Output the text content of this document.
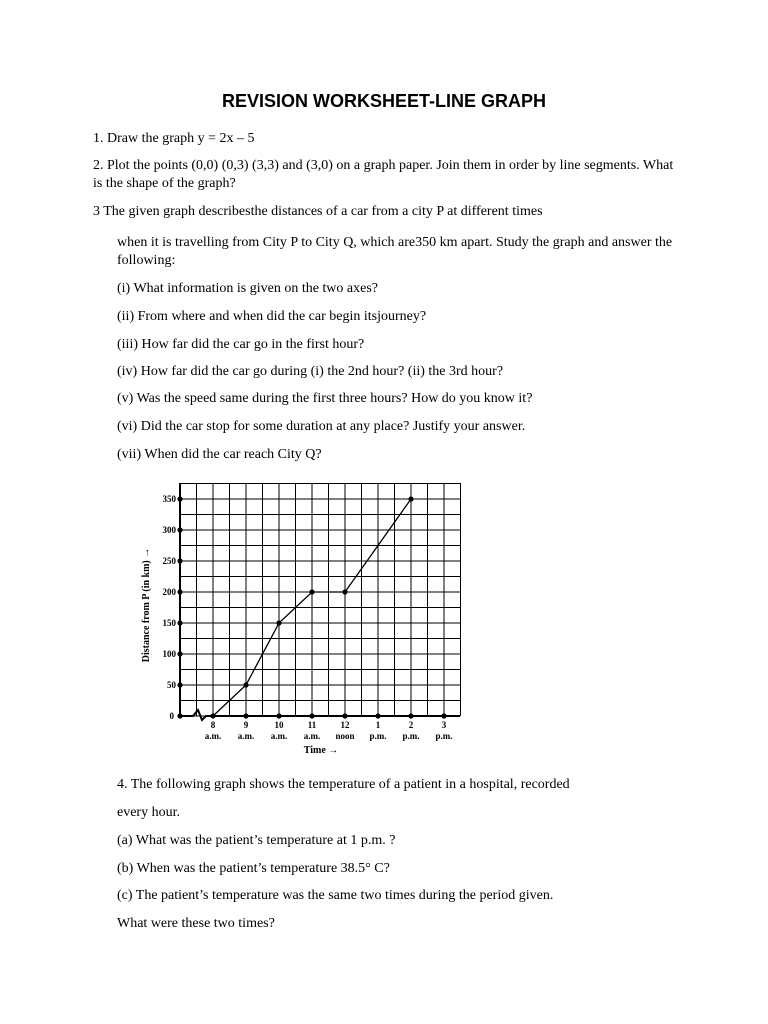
REVISION WORKSHEET-LINE GRAPH
1. Draw the graph y = 2x – 5
2. Plot the points (0,0) (0,3) (3,3) and (3,0) on a graph paper. Join them in order by line segments. What is the shape of the graph?
3 The given graph describesthe distances of a car from a city P at different times
when it is travelling from City P to City Q, which are350 km apart. Study the graph and answer the following:
(i) What information is given on the two axes?
(ii) From where and when did the car begin itsjourney?
(iii) How far did the car go in the first hour?
(iv) How far did the car go during (i) the 2nd hour? (ii) the 3rd hour?
(v) Was the speed same during the first three hours? How do you know it?
(vi) Did the car stop for some duration at any place? Justify your answer.
(vii) When did the car reach City Q?
0
50
100
150
200
250
300
350
8
a.m.
9
a.m.
10
a.m.
11
a.m.
12
noon
1
p.m.
2
p.m.
3
p.m.
Distance from P (in km) →
Time →
4. The following graph shows the temperature of a patient in a hospital, recorded
every hour.
(a) What was the patient’s temperature at 1 p.m. ?
(b) When was the patient’s temperature 38.5° C?
(c) The patient’s temperature was the same two times during the period given.
What were these two times?
